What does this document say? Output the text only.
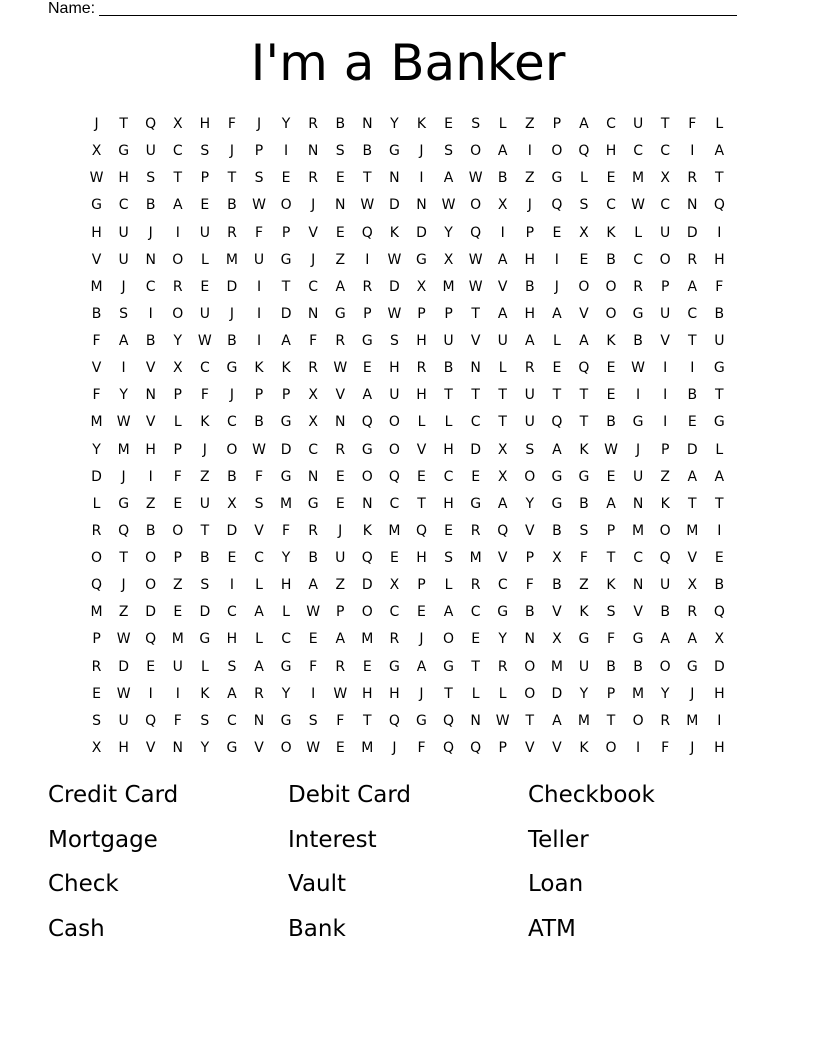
Name:
I'm a Banker
J	T	Q	X	H	F	J	Y	R	B	N	Y	K	E	S	L	Z	P	A	C	U	T	F	L
X	G	U	C	S	J	P	I	N	S	B	G	J	S	O	A	I	O	Q	H	C	C	I	A
W	H	S	T	P	T	S	E	R	E	T	N	I	A	W	B	Z	G	L	E	M	X	R	T
G	C	B	A	E	B	W	O	J	N	W	D	N	W	O	X	J	Q	S	C	W	C	N	Q
H	U	J	I	U	R	F	P	V	E	Q	K	D	Y	Q	I	P	E	X	K	L	U	D	I
V	U	N	O	L	M	U	G	J	Z	I	W	G	X	W	A	H	I	E	B	C	O	R	H
M	J	C	R	E	D	I	T	C	A	R	D	X	M	W	V	B	J	O	O	R	P	A	F
B	S	I	O	U	J	I	D	N	G	P	W	P	P	T	A	H	A	V	O	G	U	C	B
F	A	B	Y	W	B	I	A	F	R	G	S	H	U	V	U	A	L	A	K	B	V	T	U
V	I	V	X	C	G	K	K	R	W	E	H	R	B	N	L	R	E	Q	E	W	I	I	G
F	Y	N	P	F	J	P	P	X	V	A	U	H	T	T	T	U	T	T	E	I	I	B	T
M	W	V	L	K	C	B	G	X	N	Q	O	L	L	C	T	U	Q	T	B	G	I	E	G
Y	M	H	P	J	O	W	D	C	R	G	O	V	H	D	X	S	A	K	W	J	P	D	L
D	J	I	F	Z	B	F	G	N	E	O	Q	E	C	E	X	O	G	G	E	U	Z	A	A
L	G	Z	E	U	X	S	M	G	E	N	C	T	H	G	A	Y	G	B	A	N	K	T	T
R	Q	B	O	T	D	V	F	R	J	K	M	Q	E	R	Q	V	B	S	P	M	O	M	I
O	T	O	P	B	E	C	Y	B	U	Q	E	H	S	M	V	P	X	F	T	C	Q	V	E
Q	J	O	Z	S	I	L	H	A	Z	D	X	P	L	R	C	F	B	Z	K	N	U	X	B
M	Z	D	E	D	C	A	L	W	P	O	C	E	A	C	G	B	V	K	S	V	B	R	Q
P	W	Q	M	G	H	L	C	E	A	M	R	J	O	E	Y	N	X	G	F	G	A	A	X
R	D	E	U	L	S	A	G	F	R	E	G	A	G	T	R	O	M	U	B	B	O	G	D
E	W	I	I	K	A	R	Y	I	W	H	H	J	T	L	L	O	D	Y	P	M	Y	J	H
S	U	Q	F	S	C	N	G	S	F	T	Q	G	Q	N	W	T	A	M	T	O	R	M	I
X	H	V	N	Y	G	V	O	W	E	M	J	F	Q	Q	P	V	V	K	O	I	F	J	H
Credit Card	Debit Card	Checkbook
Mortgage	Interest	Teller
Check	Vault	Loan
Cash	Bank	ATM
